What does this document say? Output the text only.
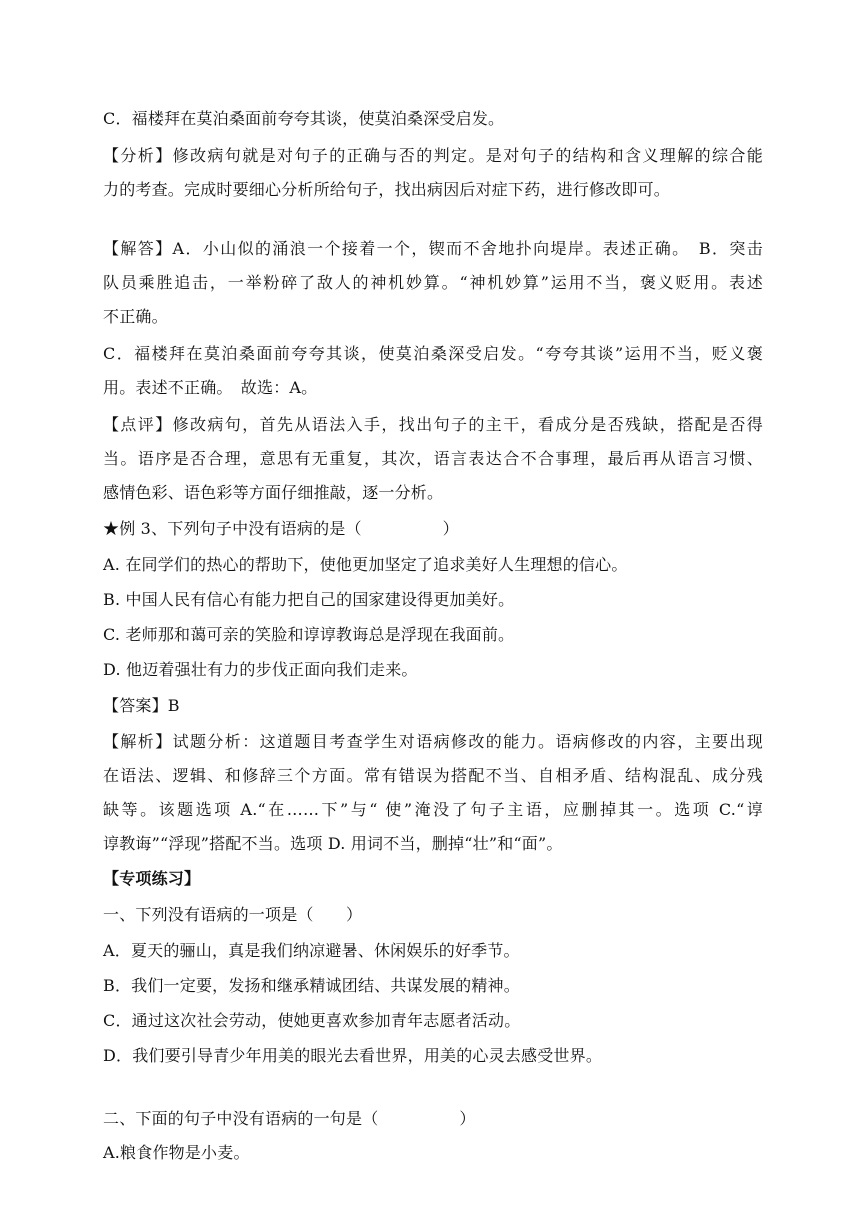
C．福楼拜在莫泊桑面前夸夸其谈，使莫泊桑深受启发。
【分析】修改病句就是对句子的正确与否的判定。是对句子的结构和含义理解的综合能
力的考查。完成时要细心分析所给句子，找出病因后对症下药，进行修改即可。
【解答】A．小山似的涌浪一个接着一个，锲而不舍地扑向堤岸。表述正确。　B．突击
队员乘胜追击，一举粉碎了敌人的神机妙算。“神机妙算”运用不当，褒义贬用。表述
不正确。
C．福楼拜在莫泊桑面前夸夸其谈，使莫泊桑深受启发。“夸夸其谈”运用不当，贬义褒
用。表述不正确。　故选：A。
【点评】修改病句，首先从语法入手，找出句子的主干，看成分是否残缺，搭配是否得
当。语序是否合理，意思有无重复，其次，语言表达合不合事理，最后再从语言习惯、
感情色彩、语色彩等方面仔细推敲，逐一分析。
★例 3、下列句子中没有语病的是（　　　　　）
A. 在同学们的热心的帮助下，使他更加坚定了追求美好人生理想的信心。
B. 中国人民有信心有能力把自己的国家建设得更加美好。
C. 老师那和蔼可亲的笑脸和谆谆教诲总是浮现在我面前。
D. 他迈着强壮有力的步伐正面向我们走来。
【答案】B
【解析】试题分析：这道题目考查学生对语病修改的能力。语病修改的内容，主要出现
在语法、逻辑、和修辞三个方面。常有错误为搭配不当、自相矛盾、结构混乱、成分残
缺等。该题选项 A.“在……下”与“ 使”淹没了句子主语，应删掉其一。选项 C.“谆
谆教诲”“浮现”搭配不当。选项 D. 用词不当，删掉“壮”和“面”。
【专项练习】
一、下列没有语病的一项是（　　）
A．夏天的骊山，真是我们纳凉避暑、休闲娱乐的好季节。
B．我们一定要，发扬和继承精诚团结、共谋发展的精神。
C．通过这次社会劳动，使她更喜欢参加青年志愿者活动。
D．我们要引导青少年用美的眼光去看世界，用美的心灵去感受世界。
二、下面的句子中没有语病的一句是（　　　　　）
A.粮食作物是小麦。
